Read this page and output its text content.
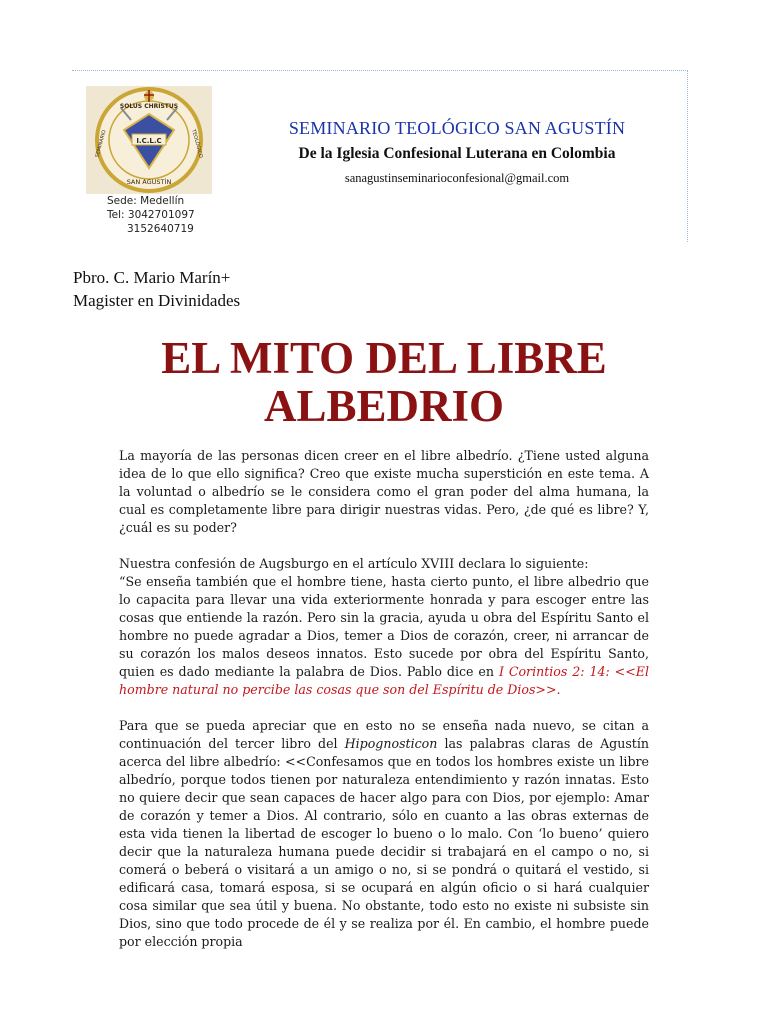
SOLUS CHRISTUS
I.C.L.C
SAN AGUSTÍN
SEMINARIO	TEOLÓGICO
Sede: Medellín
Tel: 3042701097
3152640719
SEMINARIO TEOLÓGICO SAN AGUSTÍN
De la Iglesia Confesional Luterana en Colombia
sanagustinseminarioconfesional@gmail.com
Pbro. C. Mario Marín+
Magister en Divinidades
EL MITO DEL LIBRE
ALBEDRIO

La mayoría de las personas dicen creer en el libre albedrío. ¿Tiene usted alguna idea de lo que ello significa? Creo que existe mucha superstición en este tema. A la voluntad o albedrío se le considera como el gran poder del alma humana, la cual es completamente libre para dirigir nuestras vidas. Pero, ¿de qué es libre? Y, ¿cuál es su poder?

Nuestra confesión de Augsburgo en el artículo XVIII declara lo siguiente:
“Se enseña también que el hombre tiene, hasta cierto punto, el libre albedrio que lo capacita para llevar una vida exteriormente honrada y para escoger entre las cosas que entiende la razón. Pero sin la gracia, ayuda u obra del Espíritu Santo el hombre no puede agradar a Dios, temer a Dios de corazón, creer, ni arrancar de su corazón los malos deseos innatos. Esto sucede por obra del Espíritu Santo, quien es dado mediante la palabra de Dios. Pablo dice en I Corintios 2: 14: <<El hombre natural no percibe las cosas que son del Espíritu de Dios>>.

Para que se pueda apreciar que en esto no se enseña nada nuevo, se citan a continuación del tercer libro del Hipognosticon las palabras claras de Agustín acerca del libre albedrío: <<Confesamos que en todos los hombres existe un libre albedrío, porque todos tienen por naturaleza entendimiento y razón innatas. Esto no quiere decir que sean capaces de hacer algo para con Dios, por ejemplo: Amar de corazón y temer a Dios. Al contrario, sólo en cuanto a las obras externas de esta vida tienen la libertad de escoger lo bueno o lo malo. Con ‘lo bueno’ quiero decir que la naturaleza humana puede decidir si trabajará en el campo o no, si comerá o beberá o visitará a un amigo o no, si se pondrá o quitará el vestido, si edificará casa, tomará esposa, si se ocupará en algún oficio o si hará cualquier cosa similar que sea útil y buena. No obstante, todo esto no existe ni subsiste sin Dios, sino que todo procede de él y se realiza por él. En cambio, el hombre puede por elección propia
